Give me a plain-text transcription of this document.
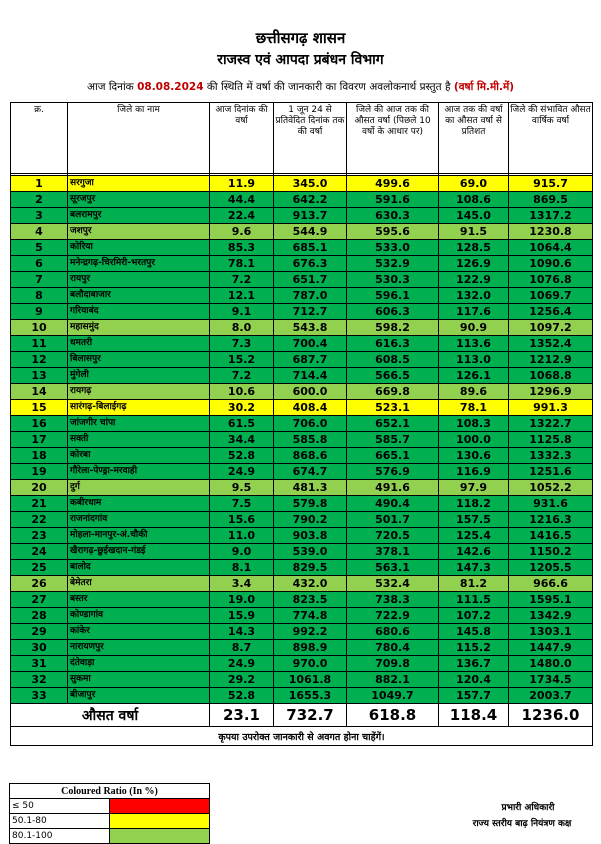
छत्तीसगढ़ शासन
राजस्व एवं आपदा प्रबंधन विभाग
आज दिनांक 08.08.2024 की स्थिति में वर्षा की जानकारी का विवरण अवलोकनार्थ प्रस्तुत है (वर्षा मि.मी.में)
क्र.	जिले का नाम	आज दिनांक की वर्षा	1 जून 24 से प्रतिवेदित दिनांक तक की वर्षा	जिले की आज तक की औसत वर्षा (पिछले 10 वर्षो के आधार पर)	आज तक की वर्षा का औसत वर्षा से प्रतिशत	जिले की संभावित औसत वार्षिक वर्षा

1	सरगुजा	11.9	345.0	499.6	69.0	915.7
2	सूरजपुर	44.4	642.2	591.6	108.6	869.5
3	बलरामपुर	22.4	913.7	630.3	145.0	1317.2
4	जशपुर	9.6	544.9	595.6	91.5	1230.8
5	कोरिया	85.3	685.1	533.0	128.5	1064.4
6	मनेन्द्रगढ़-चिरमिरी-भरतपुर	78.1	676.3	532.9	126.9	1090.6
7	रायपुर	7.2	651.7	530.3	122.9	1076.8
8	बलौदाबाजार	12.1	787.0	596.1	132.0	1069.7
9	गरियाबंद	9.1	712.7	606.3	117.6	1256.4
10	महासमुंद	8.0	543.8	598.2	90.9	1097.2
11	धमतरी	7.3	700.4	616.3	113.6	1352.4
12	बिलासपुर	15.2	687.7	608.5	113.0	1212.9
13	मुंगेली	7.2	714.4	566.5	126.1	1068.8
14	रायगढ़	10.6	600.0	669.8	89.6	1296.9
15	सारंगढ़-बिलाईगढ़	30.2	408.4	523.1	78.1	991.3
16	जांजगीर चांपा	61.5	706.0	652.1	108.3	1322.7
17	सक्ती	34.4	585.8	585.7	100.0	1125.8
18	कोरबा	52.8	868.6	665.1	130.6	1332.3
19	गौरेला-पेण्ड्रा-मरवाही	24.9	674.7	576.9	116.9	1251.6
20	दुर्ग	9.5	481.3	491.6	97.9	1052.2
21	कबीरधाम	7.5	579.8	490.4	118.2	931.6
22	राजनांदगांव	15.6	790.2	501.7	157.5	1216.3
23	मोहला-मानपुर-अं.चौकी	11.0	903.8	720.5	125.4	1416.5
24	खैरागढ़-छुईखदान-गंडई	9.0	539.0	378.1	142.6	1150.2
25	बालोद	8.1	829.5	563.1	147.3	1205.5
26	बेमेतरा	3.4	432.0	532.4	81.2	966.6
27	बस्तर	19.0	823.5	738.3	111.5	1595.1
28	कोण्डागांव	15.9	774.8	722.9	107.2	1342.9
29	कांकेर	14.3	992.2	680.6	145.8	1303.1
30	नारायणपुर	8.7	898.9	780.4	115.2	1447.9
31	दंतेवाड़ा	24.9	970.0	709.8	136.7	1480.0
32	सुकमा	29.2	1061.8	882.1	120.4	1734.5
33	बीजापुर	52.8	1655.3	1049.7	157.7	2003.7
औसत वर्षा		23.1	732.7	618.8	118.4	1236.0
कृपया उपरोक्त जानकारी से अवगत होना चाहेंगें।						
Coloured Ratio (In %)	
≤ 50	
50.1-80	
80.1-100	
प्रभारी अधिकारी
राज्य स्तरीय बाढ़ नियंत्रण कक्ष
